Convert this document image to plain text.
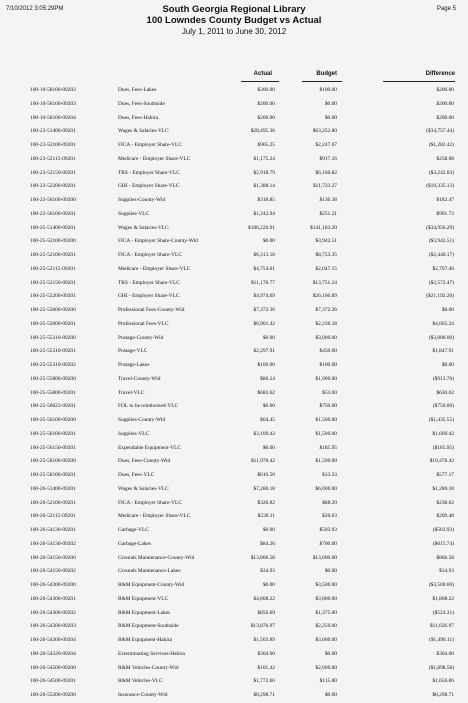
7/10/2012 3:05:29PM	Page 5
South Georgia Regional Library
100 Lowndes County Budget vs Actual
July 1, 2011 to June 30, 2012
Actual	Budget	Difference
100-10-58100-09202	Dues, Fees-Lakes	$300.00	$100.00	$200.00
100-10-58100-09203	Dues, Fees-Southside	$200.00	$0.00	$200.00
100-10-58100-09204	Dues, Fees-Hahira	$200.00	$0.00	$200.00
100-23-51400-09201	Wages & Salaries-VLC	$28,495.36	$63,252.80	($34,757.44)
100-23-52100-09201	FICA - Employer Share-VLC	$965.25	$2,247.67	($1,282.42)
100-23-52115-09201	Medicare - Employer Share-VLC	$1,175.24	$917.16	$258.08
100-23-52150-09201	TRS - Employer Share-VLC	$2,918.79	$6,160.82	($3,242.03)
100-23-52200-09201	GHI - Employer Share-VLC	$1,388.14	$11,723.27	($10,335.13)
100-23-56100-09200	Supplies-County-Wid	$318.85	$136.38	$182.47
100-23-56100-09201	Supplies-VLC	$1,242.94	$251.21	$991.73
100-25-51400-09201	Wages & Salaries-VLC	$106,226.91	$141,183.20	($34,956.29)
100-25-52100-09200	FICA - Employer Share-County-Wid	$0.00	$3,942.51	($3,942.51)
100-25-52100-09201	FICA - Employer Share-VLC	$6,313.18	$8,753.35	($2,440.17)
100-25-52115-09201	Medicare - Employer Share-VLC	$4,754.61	$2,047.15	$2,707.46
100-25-52150-09201	TRS - Employer Share-VLC	$11,178.77	$13,751.24	($2,572.47)
100-25-52200-09201	GHI - Employer Share-VLC	$4,974.69	$26,166.89	($21,192.20)
100-25-53000-09200	Professional Fees-County-Wid	$7,372.36	$7,372.36	$0.00
100-25-53000-09201	Professional Fees-VLC	$6,901.42	$2,236.18	$4,665.24
100-25-55310-09200	Postage-County-Wid	$0.00	$3,000.00	($3,000.00)
100-25-55310-09201	Postage-VLC	$2,297.91	$450.00	$1,847.91
100-25-55310-09202	Postage-Lakes	$100.00	$100.00	$0.00
100-25-55800-09200	Travel-County-Wid	$86.24	$1,000.00	($913.76)
100-25-55800-09201	Travel-VLC	$683.62	$53.00	$630.62
100-25-56023-09201	FOL to be reimbursed-VLC	$0.00	$750.00	($750.00)
100-25-56100-09200	Supplies-County-Wid	$64.45	$1,500.00	($1,435.55)
100-25-56100-09201	Supplies-VLC	$3,109.42	$1,500.00	$1,609.42
100-25-56150-09201	Expendable Equipment-VLC	$0.00	$185.95	($185.95)
100-25-58100-09200	Dues, Fees-County-Wid	$11,978.42	$1,500.00	$10,478.42
100-25-58100-09201	Dues, Fees-VLC	$610.50	$33.33	$577.17
100-26-51400-09201	Wages & Salaries-VLC	$7,280.18	$6,000.00	$1,280.18
100-26-52100-09201	FICA - Employer Share-VLC	$326.82	$88.20	$238.62
100-26-52115-09201	Medicare - Employer Share-VLC	$230.11	$20.63	$209.48
100-26-54130-09201	Garbage-VLC	$0.00	$503.93	($503.93)
100-26-54130-09202	Garbage-Lakes	$84.26	$700.00	($615.74)
100-26-54150-09200	Grounds Maintenance-County-Wid	$13,866.58	$13,000.00	$866.58
100-26-54150-09202	Grounds Maintenance-Lakes	$34.93	$0.00	$34.93
100-26-54300-09200	R&M Equipment-County-Wid	$0.00	$3,500.00	($3,500.00)
100-26-54300-09201	R&M Equipment-VLC	$4,808.22	$3,000.00	$1,808.22
100-26-54300-09202	R&M Equipment-Lakes	$850.69	$1,375.00	($524.31)
100-26-54300-09203	R&M Equipment-Southside	$13,876.97	$2,250.00	$11,626.97
100-26-54300-09204	R&M Equipment-Hahira	$1,503.89	$3,000.00	($1,496.11)
100-26-54320-09204	Exterminating Services-Hahira	$304.00	$0.00	$304.00
100-26-54500-09200	R&M Vehicles-County-Wid	$101.42	$2,000.00	($1,898.58)
100-26-54500-09201	R&M Vehicles-VLC	$1,772.66	$115.80	$1,656.86
100-26-55200-09200	Insurance-County-Wid	$8,298.71	$0.00	$8,298.71
